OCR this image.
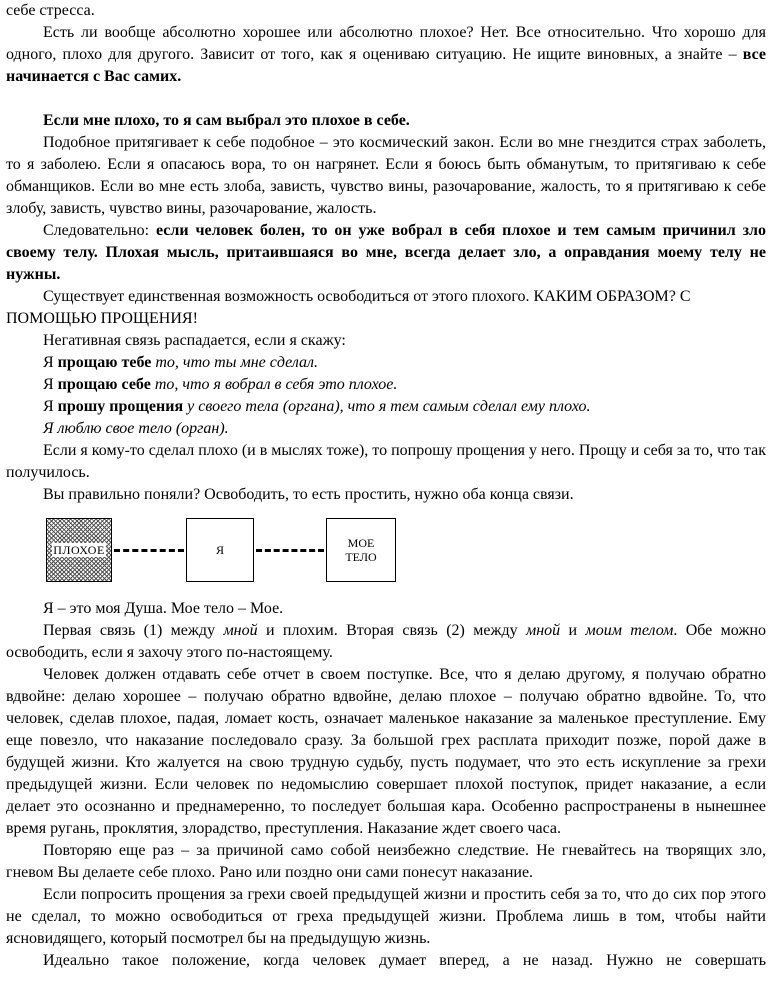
себе стресса.

Есть ли вообще абсолютно хорошее или абсолютно плохое? Нет. Все относительно. Что хорошо для одного, плохо для другого. Зависит от того, как я оцениваю ситуацию. Не ищите виновных, а знайте – все начинается с Вас самих.

Если мне плохо, то я сам выбрал это плохое в себе.

Подобное притягивает к себе подобное – это космический закон. Если во мне гнездится страх заболеть, то я заболею. Если я опасаюсь вора, то он нагрянет. Если я боюсь быть обманутым, то притягиваю к себе обманщиков. Если во мне есть злоба, зависть, чувство вины, разочарование, жалость, то я притягиваю к себе злобу, зависть, чувство вины, разочарование, жалость.

Следовательно: если человек болен, то он уже вобрал в себя плохое и тем самым причинил зло своему телу. Плохая мысль, притаившаяся во мне, всегда делает зло, а оправдания моему телу не нужны.

Существует единственная возможность освободиться от этого плохого. КАКИМ ОБРАЗОМ? С ПОМОЩЬЮ ПРОЩЕНИЯ!

Негативная связь распадается, если я скажу:

Я прощаю тебе то, что ты мне сделал.

Я прощаю себе то, что я вобрал в себя это плохое.

Я прошу прощения у своего тела (органа), что я тем самым сделал ему плохо.

Я люблю свое тело (орган).

Если я кому-то сделал плохо (и в мыслях тоже), то попрошу прощения у него. Прощу и себя за то, что так получилось.

Вы правильно поняли? Освободить, то есть простить, нужно оба конца связи.

ПЛОХОЕ	Я	МОЕ
ТЕЛО

Я – это моя Душа. Мое тело – Мое.

Первая связь (1) между мной и плохим. Вторая связь (2) между мной и моим телом. Обе можно освободить, если я захочу этого по-настоящему.

Человек должен отдавать себе отчет в своем поступке. Все, что я делаю другому, я получаю обратно вдвойне: делаю хорошее – получаю обратно вдвойне, делаю плохое – получаю обратно вдвойне. То, что человек, сделав плохое, падая, ломает кость, означает маленькое наказание за маленькое преступление. Ему еще повезло, что наказание последовало сразу. За большой грех расплата приходит позже, порой даже в будущей жизни. Кто жалуется на свою трудную судьбу, пусть подумает, что это есть искупление за грехи предыдущей жизни. Если человек по недомыслию совершает плохой поступок, придет наказание, а если делает это осознанно и преднамеренно, то последует большая кара. Особенно распространены в нынешнее время ругань, проклятия, злорадство, преступления. Наказание ждет своего часа.

Повторяю еще раз – за причиной само собой неизбежно следствие. Не гневайтесь на творящих зло, гневом Вы делаете себе плохо. Рано или поздно они сами понесут наказание.

Если попросить прощения за грехи своей предыдущей жизни и простить себя за то, что до сих пор этого не сделал, то можно освободиться от греха предыдущей жизни. Проблема лишь в том, чтобы найти ясновидящего, который посмотрел бы на предыдущую жизнь.

Идеально такое положение, когда человек думает вперед, а не назад. Нужно не совершать
